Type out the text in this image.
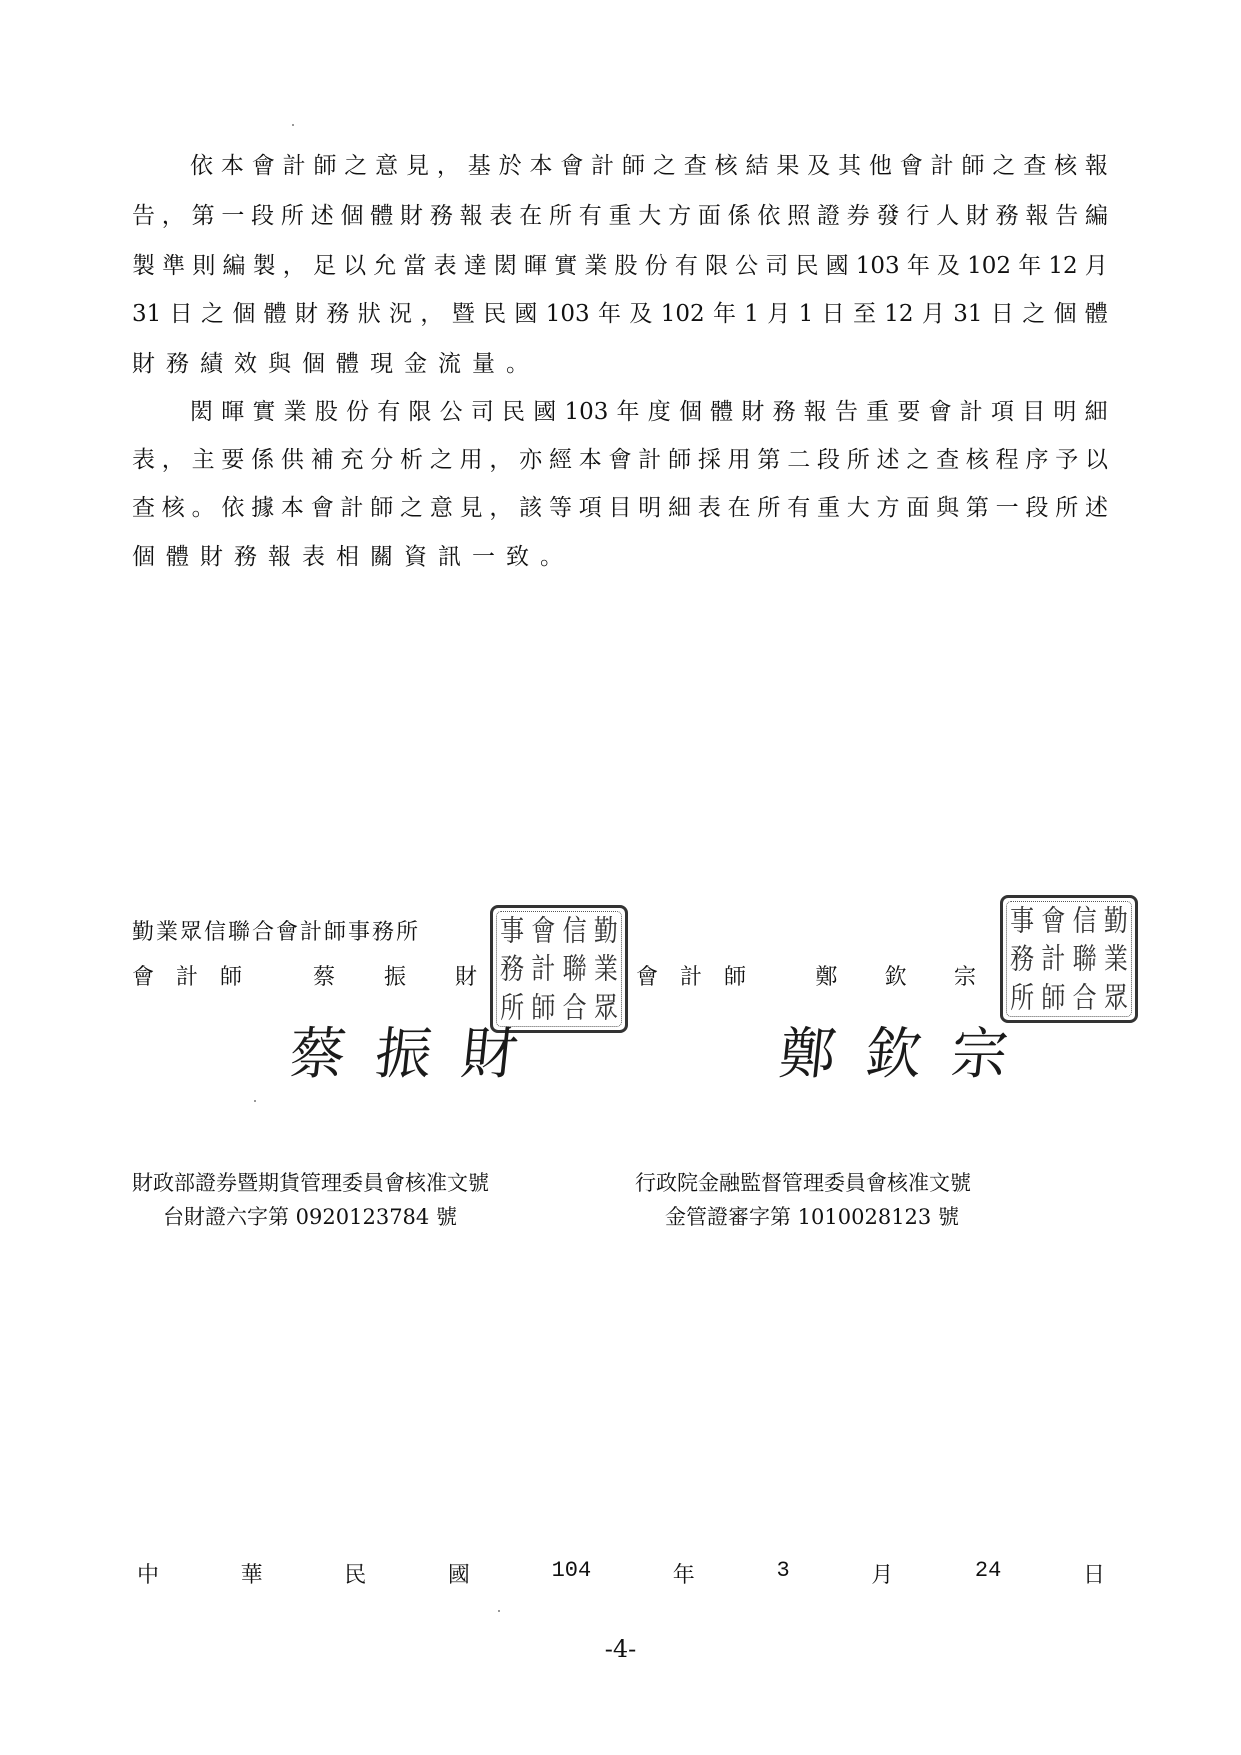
依 本 會 計 師 之 意 見 ， 基 於 本 會 計 師 之 查 核 結 果 及 其 他 會 計 師 之 查 核 報
告 ， 第 一 段 所 述 個 體 財 務 報 表 在 所 有 重 大 方 面 係 依 照 證 券 發 行 人 財 務 報 告 編
製 準 則 編 製 ， 足 以 允 當 表 達 閎 暉 實 業 股 份 有 限 公 司 民 國 103 年 及 102 年 12 月
31 日 之 個 體 財 務 狀 況 ， 暨 民 國 103 年 及 102 年 1 月 1 日 至 12 月 31 日 之 個 體
財務績效與個體現金流量。
閎 暉 實 業 股 份 有 限 公 司 民 國 103 年 度 個 體 財 務 報 告 重 要 會 計 項 目 明 細
表 ， 主 要 係 供 補 充 分 析 之 用 ， 亦 經 本 會 計 師 採 用 第 二 段 所 述 之 查 核 程 序 予 以
查 核 。 依 據 本 會 計 師 之 意 見 ， 該 等 項 目 明 細 表 在 所 有 重 大 方 面 與 第 一 段 所 述
個體財務報表相關資訊一致。
勤業眾信聯合會計師事務所
會計師 蔡 振 財
事 會 信 勤
務 計 聯 業
所 師 合 眾
蔡振財
會計師 鄭 欽 宗
事 會 信 勤
務 計 聯 業
所 師 合 眾
鄭欽宗
財政部證券暨期貨管理委員會核准文號
台財證六字第 0920123784 號
行政院金融監督管理委員會核准文號
金管證審字第 1010028123 號
中	華	民	國	104	年	3	月	24	日
-4-
